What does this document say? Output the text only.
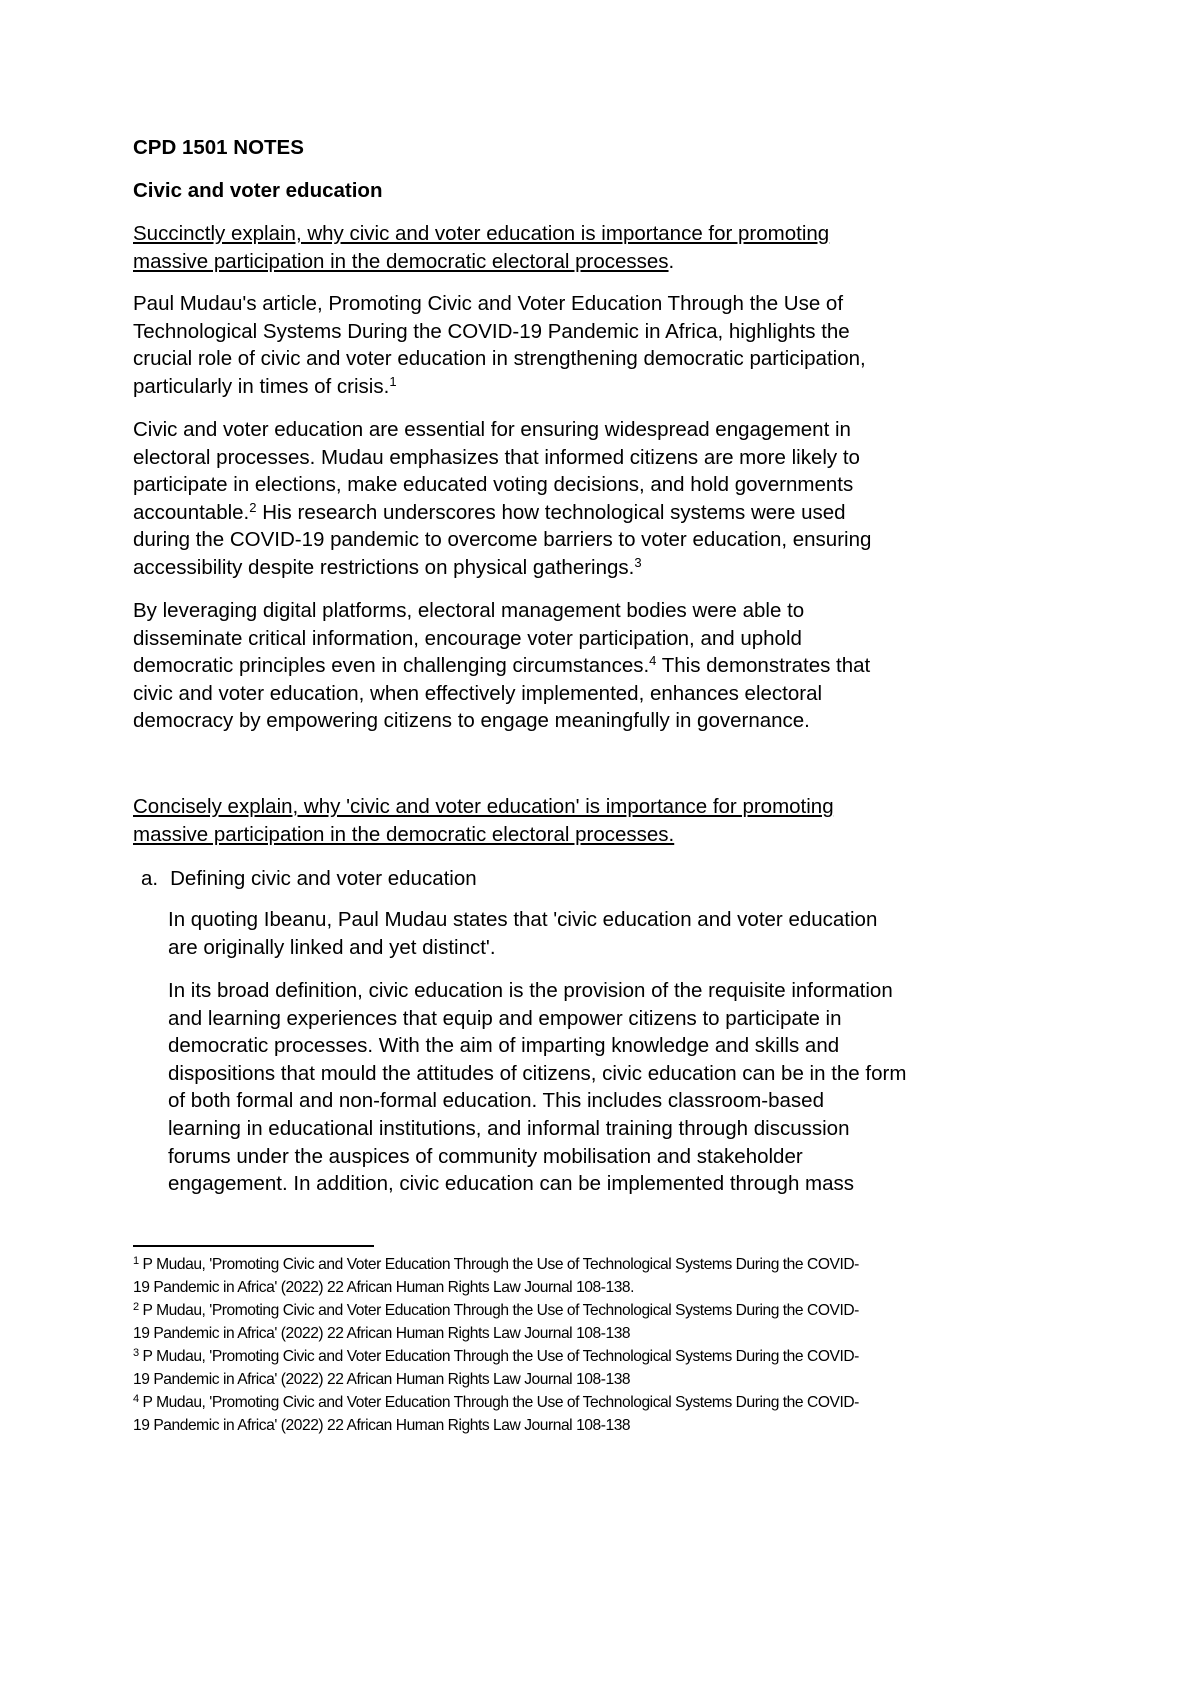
CPD 1501 NOTES
Civic and voter education
Succinctly explain, why civic and voter education is importance for promoting
massive participation in the democratic electoral processes.
Paul Mudau's article, Promoting Civic and Voter Education Through the Use of
Technological Systems During the COVID-19 Pandemic in Africa, highlights the
crucial role of civic and voter education in strengthening democratic participation,
particularly in times of crisis.$^1$
Civic and voter education are essential for ensuring widespread engagement in
electoral processes. Mudau emphasizes that informed citizens are more likely to
participate in elections, make educated voting decisions, and hold governments
accountable.$^2$ His research underscores how technological systems were used
during the COVID-19 pandemic to overcome barriers to voter education, ensuring
accessibility despite restrictions on physical gatherings.$^3$
By leveraging digital platforms, electoral management bodies were able to
disseminate critical information, encourage voter participation, and uphold
democratic principles even in challenging circumstances.$^4$ This demonstrates that
civic and voter education, when effectively implemented, enhances electoral
democracy by empowering citizens to engage meaningfully in governance.
Concisely explain, why 'civic and voter education' is importance for promoting
massive participation in the democratic electoral processes.
a. Defining civic and voter education
In quoting Ibeanu, Paul Mudau states that 'civic education and voter education
are originally linked and yet distinct'.
In its broad definition, civic education is the provision of the requisite information
and learning experiences that equip and empower citizens to participate in
democratic processes. With the aim of imparting knowledge and skills and
dispositions that mould the attitudes of citizens, civic education can be in the form
of both formal and non-formal education. This includes classroom-based
learning in educational institutions, and informal training through discussion
forums under the auspices of community mobilisation and stakeholder
engagement. In addition, civic education can be implemented through mass
$^1$ P Mudau, 'Promoting Civic and Voter Education Through the Use of Technological Systems During the COVID-
19 Pandemic in Africa' (2022) 22 African Human Rights Law Journal 108-138.
$^2$ P Mudau, 'Promoting Civic and Voter Education Through the Use of Technological Systems During the COVID-
19 Pandemic in Africa' (2022) 22 African Human Rights Law Journal 108-138
$^3$ P Mudau, 'Promoting Civic and Voter Education Through the Use of Technological Systems During the COVID-
19 Pandemic in Africa' (2022) 22 African Human Rights Law Journal 108-138
$^4$ P Mudau, 'Promoting Civic and Voter Education Through the Use of Technological Systems During the COVID-
19 Pandemic in Africa' (2022) 22 African Human Rights Law Journal 108-138
